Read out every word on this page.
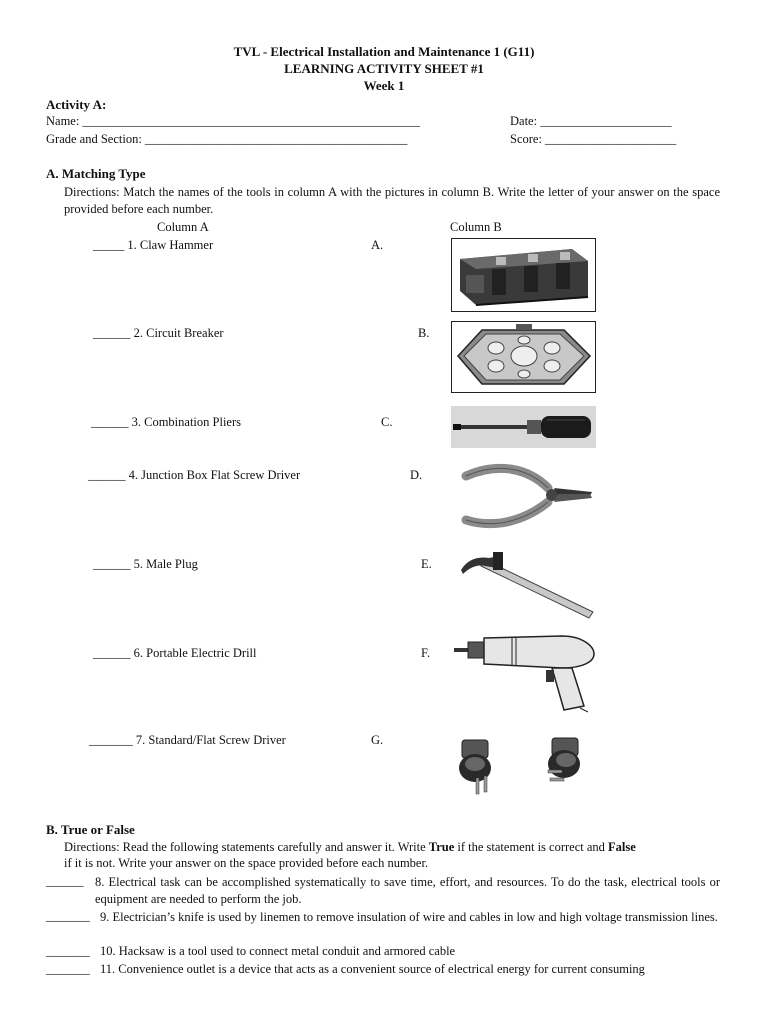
TVL - Electrical Installation and Maintenance 1 (G11)
LEARNING ACTIVITY SHEET #1
Week 1
Activity A:
Name: ______________________________________________________	Date: _____________________
Grade and Section: __________________________________________	Score: _____________________
A. Matching Type
Directions: Match the names of the tools in column A with the pictures in column B. Write the letter of your answer on the space provided before each number.
Column A	Column B
_____ 1. Claw Hammer	A.
______ 2. Circuit Breaker	B.
______ 3. Combination Pliers	C.
______ 4. Junction Box Flat Screw Driver	D.
______ 5. Male Plug	E.
______ 6. Portable Electric Drill	F.
_______ 7. Standard/Flat Screw Driver	G.
B. True or False
Directions: Read the following statements carefully and answer it. Write True if the statement is correct and False
if it is not. Write your answer on the space provided before each number.
______ 8. Electrical task can be accomplished systematically to save time, effort, and resources. To do the task, electrical tools or equipment are needed to perform the job.
_______ 9. Electrician’s knife is used by linemen to remove insulation of wire and cables in low and high voltage transmission lines.
_______ 10. Hacksaw is a tool used to connect metal conduit and armored cable
_______ 11. Convenience outlet is a device that acts as a convenient source of electrical energy for current consuming
